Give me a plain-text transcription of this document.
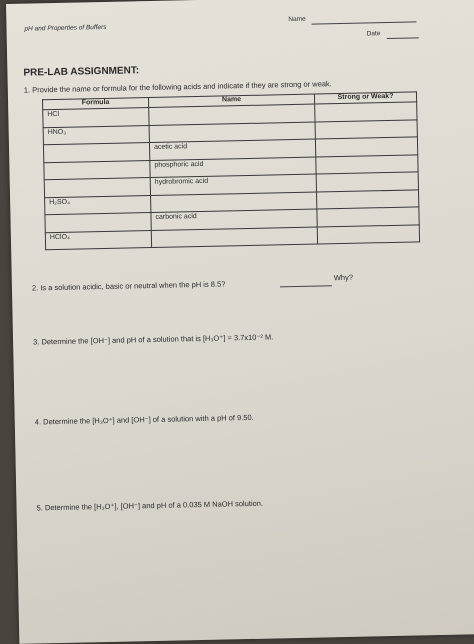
pH and Properties of Buffers
Name
Date
PRE-LAB ASSIGNMENT:
1. Provide the name or formula for the following acids and indicate if they are strong or weak.
Formula	Name	Strong or Weak?
HCl		
HNO₃		
	acetic acid	
	phosphoric acid	
	hydrobromic acid	
H₂SO₄		
	carbonic acid	
HClO₄		
2. Is a solution acidic, basic or neutral when the pH is 8.5?
Why?
3. Determine the [OH⁻] and pH of a solution that is [H₃O⁺] = 3.7x10⁻² M.
4. Determine the [H₃O⁺] and [OH⁻] of a solution with a pH of 9.50.
5. Determine the [H₃O⁺], [OH⁻] and pH of a 0.035 M NaOH solution.
